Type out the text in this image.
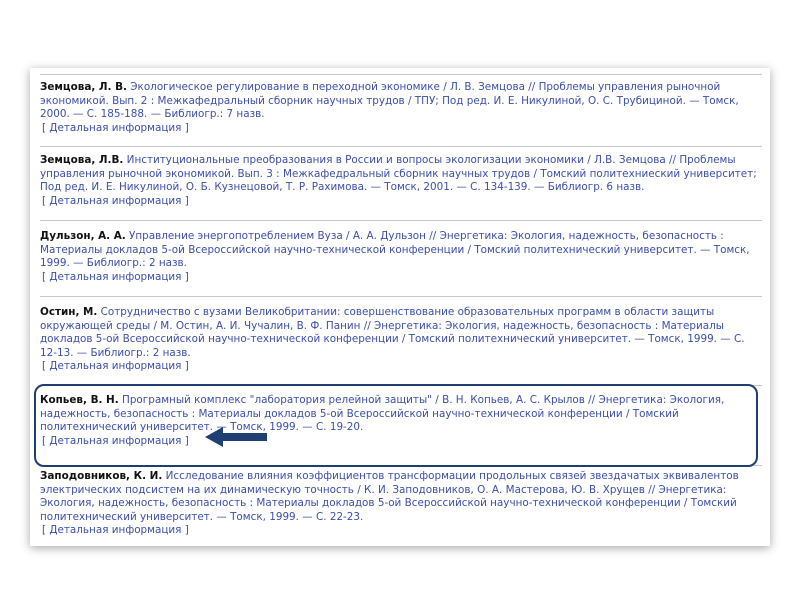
Земцова, Л. В. Экологическое регулирование в переходной экономике / Л. В. Земцова // Проблемы управления рыночной экономикой. Вып. 2 : Межкафедральный сборник научных трудов / ТПУ; Под ред. И. Е. Никулиной, О. С. Трубициной. — Томск, 2000. — С. 185-188. — Библиогр.: 7 назв.
[ Детальная информация ]
Земцова, Л.В. Институциональные преобразования в России и вопросы экологизации экономики / Л.В. Земцова // Проблемы управления рыночной экономикой. Вып. 3 : Межкафедральный сборник научных трудов / Томский политехниеский университет; Под ред. И. Е. Никулиной, О. Б. Кузнецовой, Т. Р. Рахимова. — Томск, 2001. — С. 134-139. — Библиогр. 6 назв.
[ Детальная информация ]
Дульзон, А. А. Управление энергопотреблением Вуза / А. А. Дульзон // Энергетика: Экология, надежность, безопасность : Материалы докладов 5-ой Всероссийской научно-технической конференции / Томский политехнический университет. — Томск, 1999. — Библиогр.: 2 назв.
[ Детальная информация ]
Остин, М. Сотрудничество с вузами Великобритании: совершенствование образовательных программ в области защиты окружающей среды / М. Остин, А. И. Чучалин, В. Ф. Панин // Энергетика: Экология, надежность, безопасность : Материалы докладов 5-ой Всероссийской научно-технической конференции / Томский политехнический университет. — Томск, 1999. — С. 12-13. — Библиогр.: 2 назв.
[ Детальная информация ]
Копьев, В. Н. Програмный комплекс "лаборатория релейной защиты" / В. Н. Копьев, А. С. Крылов // Энергетика: Экология, надежность, безопасность : Материалы докладов 5-ой Всероссийской научно-технической конференции / Томский политехнический университет. — Томск, 1999. — С. 19-20.
[ Детальная информация ]
Заподовников, К. И. Исследование влияния коэффициентов трансформации продольных связей звездачатых эквивалентов электрических подсистем на их динамическую точность / К. И. Заподовников, О. А. Мастерова, Ю. В. Хрущев // Энергетика: Экология, надежность, безопасность : Материалы докладов 5-ой Всероссийской научно-технической конференции / Томский политехнический университет. — Томск, 1999. — С. 22-23.
[ Детальная информация ]
